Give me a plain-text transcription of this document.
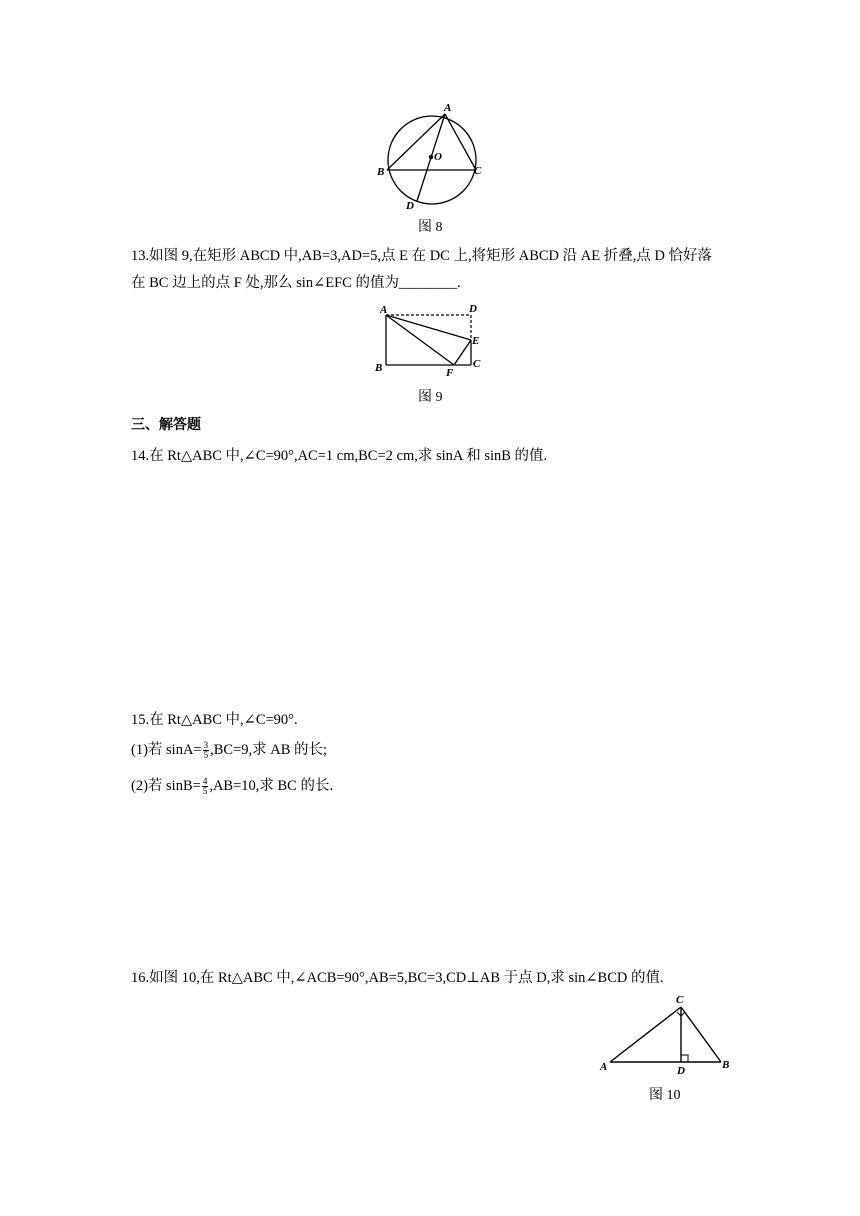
A
B	C
D
O
图 8
13.如图 9,在矩形 ABCD 中,AB=3,AD=5,点 E 在 DC 上,将矩形 ABCD 沿 AE 折叠,点 D 恰好落
在 BC 边上的点 F 处,那么 sin∠EFC 的值为________.
A	D
E
B	C
F
图 9
三、解答题
14.在 Rt△ABC 中,∠C=90°,AC=1 cm,BC=2 cm,求 sinA 和 sinB 的值.
15.在 Rt△ABC 中,∠C=90°.
(1)若 $\sin A= \frac{3}{5} ,BC=9$,求 AB 的长;
(2)若 $\sin B= \frac{4}{5} ,AB=10$,求 BC 的长.
16.如图 10,在 Rt△ABC 中,∠ACB=90°,AB=5,BC=3,CD⊥AB 于点 D,求 sin∠BCD 的值.
C
A	B
D
图 10
